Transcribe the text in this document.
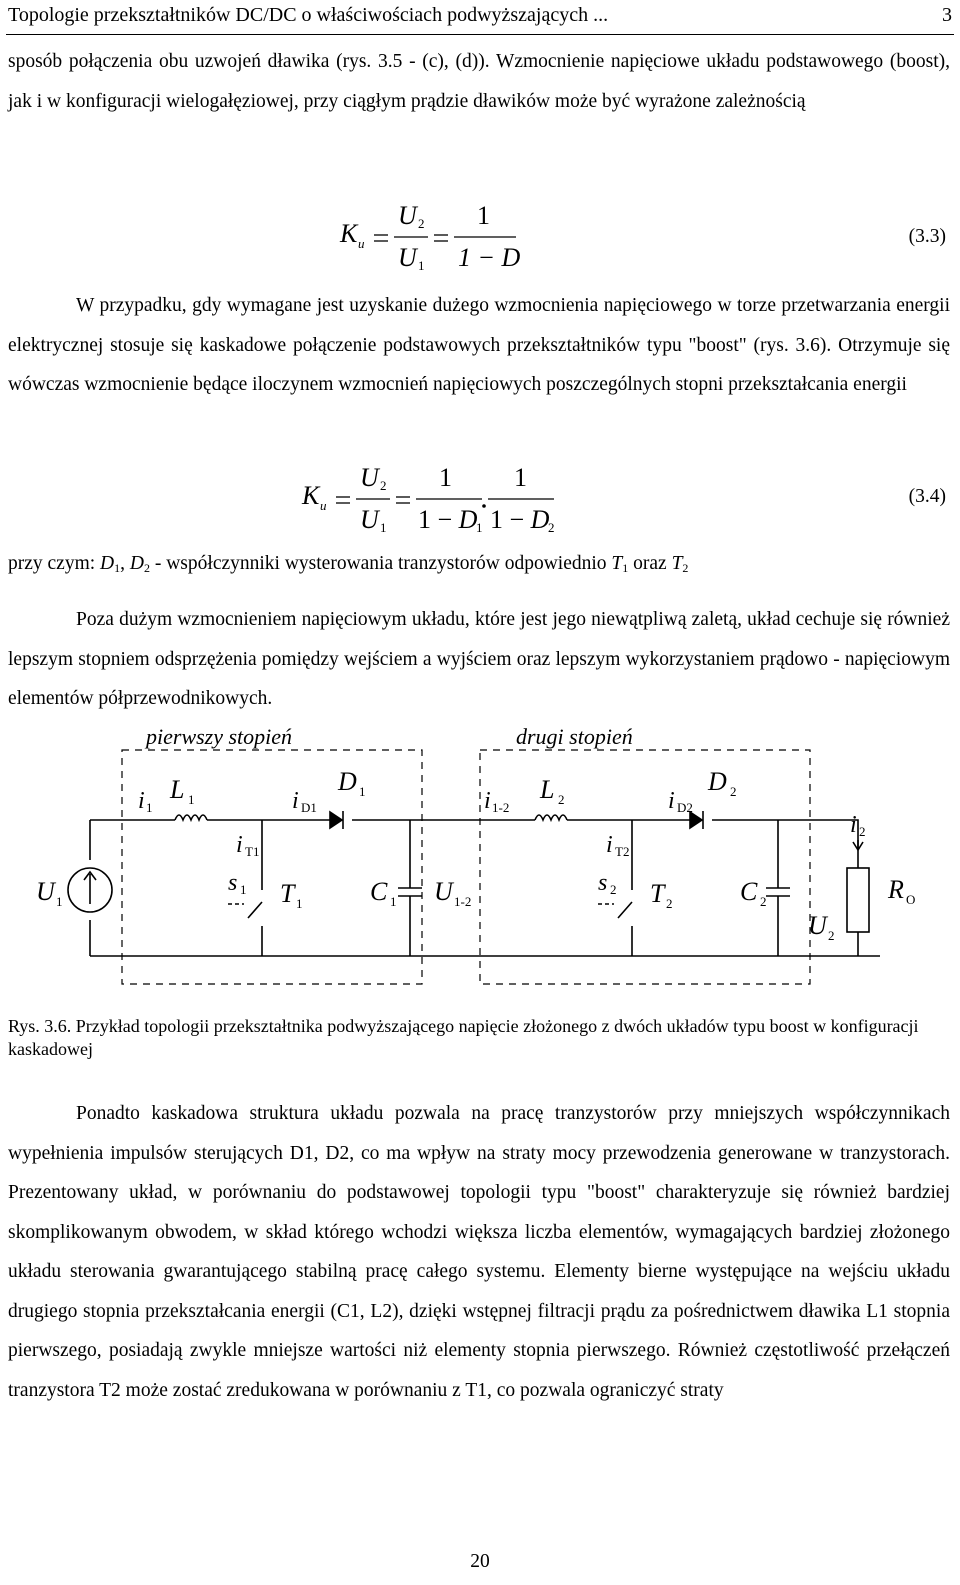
Topologie przekształtników DC/DC o właściwościach podwyższających ...	3

sposób połączenia obu uzwojeń dławika (rys. 3.5 - (c), (d)). Wzmocnienie napięciowe układu podstawowego (boost), jak i w konfiguracji wielogałęziowej, przy ciągłym prądzie dławików może być wyrażone zależnością

K u
U 2
U 1
1
1 − D
(3.3)

W przypadku, gdy wymagane jest uzyskanie dużego wzmocnienia napięciowego w torze przetwarzania energii elektrycznej stosuje się kaskadowe połączenie podstawowych przekształtników typu "boost" (rys. 3.6). Otrzymuje się wówczas wzmocnienie będące iloczynem wzmocnień napięciowych poszczególnych stopni przekształcania energii

K u
U 2
U 1
1
1 − D
1
1
1 − D
2
(3.4)

przy czym: $D_1$, $D_2$ - współczynniki wysterowania tranzystorów odpowiednio $T_1$ oraz $T_2$

Poza dużym wzmocnieniem napięciowym układu, które jest jego niewątpliwą zaletą, układ cechuje się również lepszym stopniem odsprzężenia pomiędzy wejściem a wyjściem oraz lepszym wykorzystaniem prądowo - napięciowym elementów półprzewodnikowych.

pierwszy stopień	drugi stopień
i 1
L 1	i D1
D 1	i 1-2
L 2	i D2
D 2
i T1	i T2
i 2
U 1
s 1 T 1	C 1 U 1-2
s 2 T 2	C 2
U 2
R O

Rys. 3.6. Przykład topologii przekształtnika podwyższającego napięcie złożonego z dwóch układów typu boost w konfiguracji kaskadowej

Ponadto kaskadowa struktura układu pozwala na pracę tranzystorów przy mniejszych współczynnikach wypełnienia impulsów sterujących D1, D2, co ma wpływ na straty mocy przewodzenia generowane w tranzystorach. Prezentowany układ, w porównaniu do podstawowej topologii typu "boost" charakteryzuje się również bardziej skomplikowanym obwodem, w skład którego wchodzi większa liczba elementów, wymagających bardziej złożonego układu sterowania gwarantującego stabilną pracę całego systemu. Elementy bierne występujące na wejściu układu drugiego stopnia przekształcania energii (C1, L2), dzięki wstępnej filtracji prądu za pośrednictwem dławika L1 stopnia pierwszego, posiadają zwykle mniejsze wartości niż elementy stopnia pierwszego. Również częstotliwość przełączeń tranzystora T2 może zostać zredukowana w porównaniu z T1, co pozwala ograniczyć straty

20
